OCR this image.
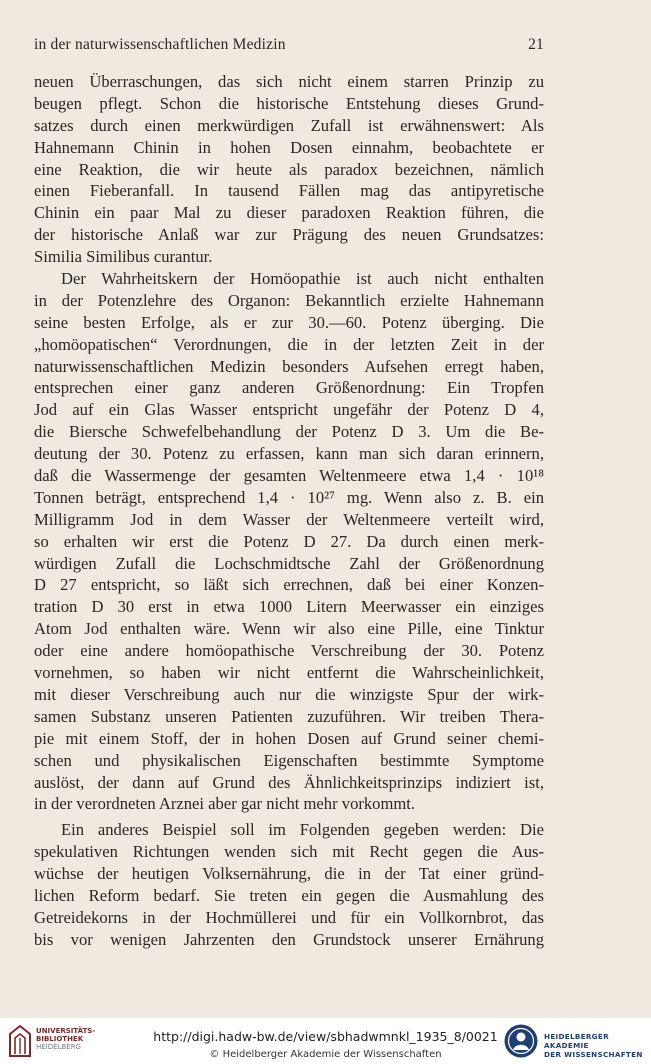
in der naturwissenschaftlichen Medizin	21
neuen Überraschungen, das sich nicht einem starren Prinzip zu
beugen pflegt. Schon die historische Entstehung dieses Grund-
satzes durch einen merkwürdigen Zufall ist erwähnenswert: Als
Hahnemann Chinin in hohen Dosen einnahm, beobachtete er
eine Reaktion, die wir heute als paradox bezeichnen, nämlich
einen Fieberanfall. In tausend Fällen mag das antipyretische
Chinin ein paar Mal zu dieser paradoxen Reaktion führen, die
der historische Anlaß war zur Prägung des neuen Grundsatzes:
Similia Similibus curantur.
Der Wahrheitskern der Homöopathie ist auch nicht enthalten
in der Potenzlehre des Organon: Bekanntlich erzielte Hahnemann
seine besten Erfolge, als er zur 30.—60. Potenz überging. Die
„homöopatischen“ Verordnungen, die in der letzten Zeit in der
naturwissenschaftlichen Medizin besonders Aufsehen erregt haben,
entsprechen einer ganz anderen Größenordnung: Ein Tropfen
Jod auf ein Glas Wasser entspricht ungefähr der Potenz D 4,
die Biersche Schwefelbehandlung der Potenz D 3. Um die Be-
deutung der 30. Potenz zu erfassen, kann man sich daran erinnern,
daß die Wassermenge der gesamten Weltenmeere etwa 1,4 · 10¹⁸
Tonnen beträgt, entsprechend 1,4 · 10²⁷ mg. Wenn also z. B. ein
Milligramm Jod in dem Wasser der Weltenmeere verteilt wird,
so erhalten wir erst die Potenz D 27. Da durch einen merk-
würdigen Zufall die Lochschmidtsche Zahl der Größenordnung
D 27 entspricht, so läßt sich errechnen, daß bei einer Konzen-
tration D 30 erst in etwa 1000 Litern Meerwasser ein einziges
Atom Jod enthalten wäre. Wenn wir also eine Pille, eine Tinktur
oder eine andere homöopathische Verschreibung der 30. Potenz
vornehmen, so haben wir nicht entfernt die Wahrscheinlichkeit,
mit dieser Verschreibung auch nur die winzigste Spur der wirk-
samen Substanz unseren Patienten zuzuführen. Wir treiben Thera-
pie mit einem Stoff, der in hohen Dosen auf Grund seiner chemi-
schen und physikalischen Eigenschaften bestimmte Symptome
auslöst, der dann auf Grund des Ähnlichkeitsprinzips indiziert ist,
in der verordneten Arznei aber gar nicht mehr vorkommt.
Ein anderes Beispiel soll im Folgenden gegeben werden: Die
spekulativen Richtungen wenden sich mit Recht gegen die Aus-
wüchse der heutigen Volksernährung, die in der Tat einer gründ-
lichen Reform bedarf. Sie treten ein gegen die Ausmahlung des
Getreidekorns in der Hochmüllerei und für ein Vollkornbrot, das
bis vor wenigen Jahrzenten den Grundstock unserer Ernährung
UNIVERSITÄTS-
BIBLIOTHEK
HEIDELBERG
http://digi.hadw-bw.de/view/sbhadwmnkl_1935_8/0021
© Heidelberger Akademie der Wissenschaften
HEIDELBERGER AKADEMIE
DER WISSENSCHAFTEN
